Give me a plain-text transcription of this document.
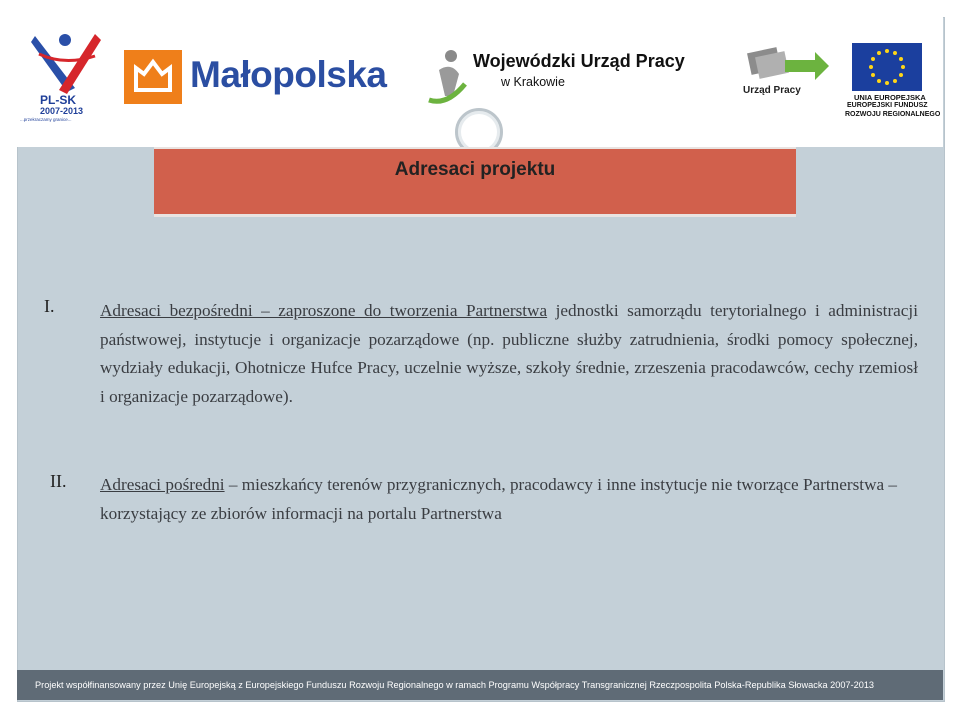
PL-SK
2007-2013
...przekraczamy granice...
Małopolska	Wojewódzki Urząd Pracy
w Krakowie
Urząd Pracy
UNIA EUROPEJSKA
EUROPEJSKI FUNDUSZ
ROZWOJU REGIONALNEGO
Adresaci projektu
I.	Adresaci bezpośredni – zaproszone do tworzenia Partnerstwa jednostki samorządu terytorialnego i administracji państwowej, instytucje i organizacje pozarządowe (np. publiczne służby zatrudnienia, środki pomocy społecznej, wydziały edukacji, Ohotnicze Hufce Pracy, uczelnie wyższe, szkoły średnie, zrzeszenia pracodawców, cechy rzemiosł i organizacje pozarządowe).
II. Adresaci pośredni – mieszkańcy terenów przygranicznych, pracodawcy i inne instytucje nie tworzące Partnerstwa – korzystający ze zbiorów informacji na portalu Partnerstwa
Projekt współfinansowany przez Unię Europejską z Europejskiego Funduszu Rozwoju Regionalnego w ramach Programu Współpracy Transgranicznej Rzeczpospolita Polska-Republika Słowacka 2007-2013
